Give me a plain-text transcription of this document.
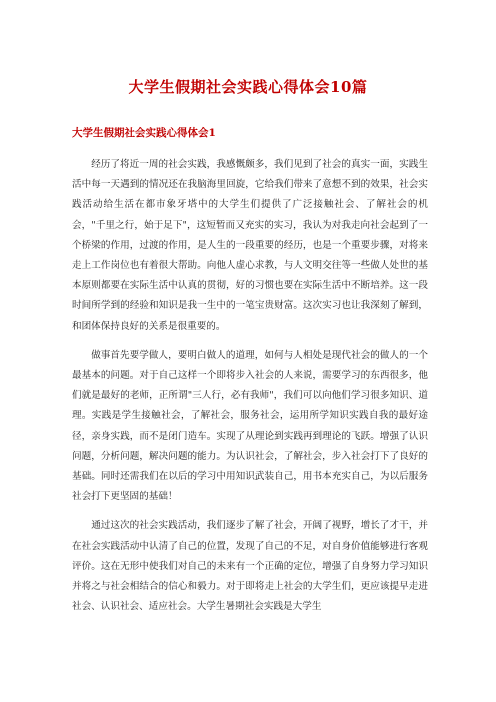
大学生假期社会实践心得体会10篇
大学生假期社会实践心得体会1

经历了将近一周的社会实践，我感慨颇多，我们见到了社会的真实一面，实践生活中每一天遇到的情况还在我脑海里回旋，它给我们带来了意想不到的效果，社会实践活动给生活在都市象牙塔中的大学生们提供了广泛接触社会、了解社会的机会，"千里之行，始于足下"，这短暂而又充实的实习，我认为对我走向社会起到了一个桥梁的作用，过渡的作用，是人生的一段重要的经历，也是一个重要步骤，对将来走上工作岗位也有着很大帮助。向他人虚心求教，与人文明交往等一些做人处世的基本原则都要在实际生活中认真的贯彻，好的习惯也要在实际生活中不断培养。这一段时间所学到的经验和知识是我一生中的一笔宝贵财富。这次实习也让我深刻了解到，和团体保持良好的关系是很重要的。

做事首先要学做人，要明白做人的道理，如何与人相处是现代社会的做人的一个最基本的问题。对于自己这样一个即将步入社会的人来说，需要学习的东西很多，他们就是最好的老师，正所谓"三人行，必有我师"，我们可以向他们学习很多知识、道理。实践是学生接触社会，了解社会，服务社会，运用所学知识实践自我的最好途径，亲身实践，而不是闭门造车。实现了从理论到实践再到理论的飞跃。增强了认识问题，分析问题，解决问题的能力。为认识社会，了解社会，步入社会打下了良好的基础。同时还需我们在以后的学习中用知识武装自己，用书本充实自己，为以后服务社会打下更坚固的基础！

通过这次的社会实践活动，我们逐步了解了社会，开阔了视野，增长了才干，并在社会实践活动中认清了自己的位置，发现了自己的不足，对自身价值能够进行客观评价。这在无形中使我们对自己的未来有一个正确的定位，增强了自身努力学习知识并将之与社会相结合的信心和毅力。对于即将走上社会的大学生们，更应该提早走进社会、认识社会、适应社会。大学生暑期社会实践是大学生
